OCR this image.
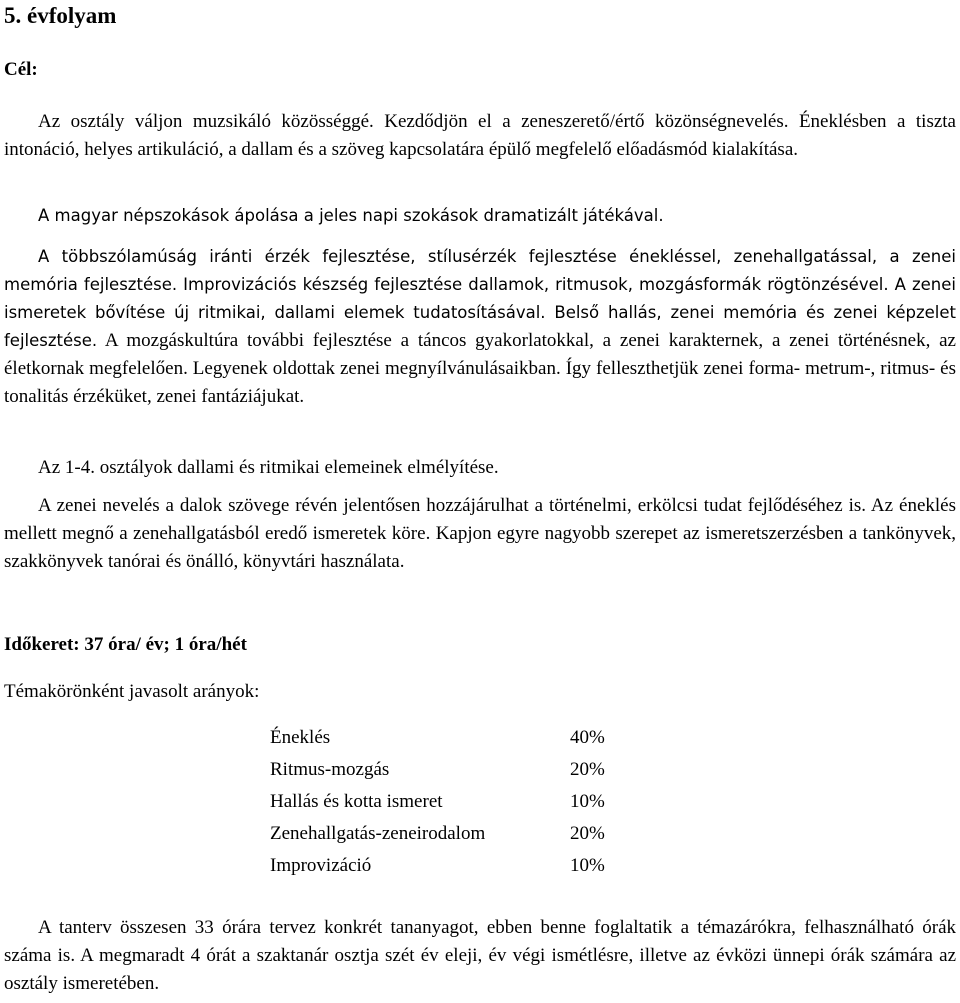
5. évfolyam
Cél:

Az osztály váljon muzsikáló közösséggé. Kezdődjön el a zeneszerető/értő közönségnevelés. Éneklésben a tiszta intonáció, helyes artikuláció, a dallam és a szöveg kapcsolatára épülő megfelelő előadásmód kialakítása.

A magyar népszokások ápolása a jeles napi szokások dramatizált játékával.

A többszólamúság iránti érzék fejlesztése, stílusérzék fejlesztése énekléssel, zenehallgatással, a zenei memória fejlesztése. Improvizációs készség fejlesztése dallamok, ritmusok, mozgásformák rögtönzésével. A zenei ismeretek bővítése új ritmikai, dallami elemek tudatosításával. Belső hallás, zenei memória és zenei képzelet fejlesztése. A mozgáskultúra további fejlesztése a táncos gyakorlatokkal, a zenei karakternek, a zenei történésnek, az életkornak megfelelően. Legyenek oldottak zenei megnyílvánulásaikban. Így felleszthetjük zenei forma- metrum-, ritmus- és tonalitás érzéküket, zenei fantáziájukat.

Az 1-4. osztályok dallami és ritmikai elemeinek elmélyítése.

A zenei nevelés a dalok szövege révén jelentősen hozzájárulhat a történelmi, erkölcsi tudat fejlődéséhez is. Az éneklés mellett megnő a zenehallgatásból eredő ismeretek köre. Kapjon egyre nagyobb szerepet az ismeretszerzésben a tankönyvek, szakkönyvek tanórai és önálló, könyvtári használata.

Időkeret: 37 óra/ év; 1 óra/hét
Témakörönként javasolt arányok:
Éneklés	40%
Ritmus-mozgás	20%
Hallás és kotta ismeret	10%
Zenehallgatás-zeneirodalom	20%
Improvizáció	10%

A tanterv összesen 33 órára tervez konkrét tananyagot, ebben benne foglaltatik a témazárókra, felhasználható órák száma is. A megmaradt 4 órát a szaktanár osztja szét év eleji, év végi ismétlésre, illetve az évközi ünnepi órák számára az osztály ismeretében.
